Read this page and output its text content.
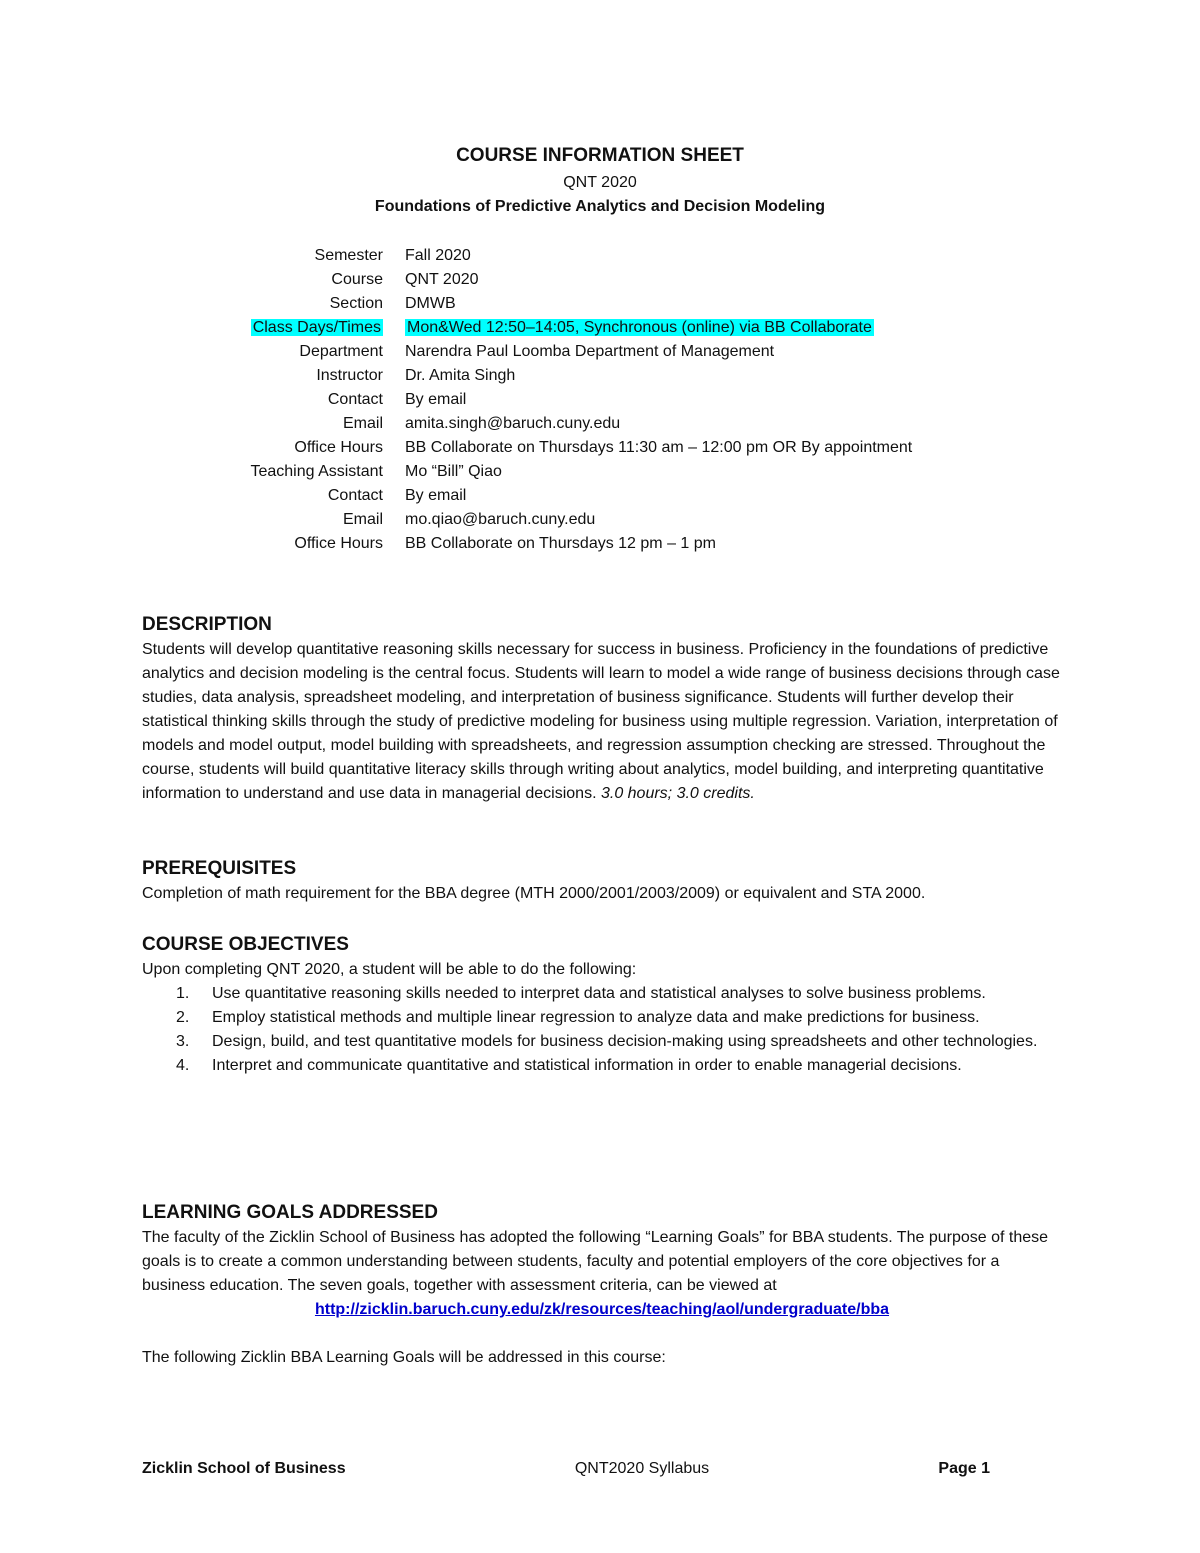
COURSE INFORMATION SHEET
QNT 2020
Foundations of Predictive Analytics and Decision Modeling
Semester	Fall 2020
Course	QNT 2020
Section	DMWB
Class Days/Times	Mon&Wed 12:50–14:05, Synchronous (online) via BB Collaborate
Department	Narendra Paul Loomba Department of Management
Instructor	Dr. Amita Singh
Contact	By email
Email	amita.singh@baruch.cuny.edu
Office Hours	BB Collaborate on Thursdays 11:30 am – 12:00 pm OR By appointment
Teaching Assistant	Mo “Bill” Qiao
Contact	By email
Email	mo.qiao@baruch.cuny.edu
Office Hours	BB Collaborate on Thursdays 12 pm – 1 pm
DESCRIPTION

Students will develop quantitative reasoning skills necessary for success in business. Proficiency in the foundations of predictive analytics and decision modeling is the central focus. Students will learn to model a wide range of business decisions through case studies, data analysis, spreadsheet modeling, and interpretation of business significance. Students will further develop their statistical thinking skills through the study of predictive modeling for business using multiple regression. Variation, interpretation of models and model output, model building with spreadsheets, and regression assumption checking are stressed. Throughout the course, students will build quantitative literacy skills through writing about analytics, model building, and interpreting quantitative information to understand and use data in managerial decisions. 3.0 hours; 3.0 credits.

PREREQUISITES

Completion of math requirement for the BBA degree (MTH 2000/2001/2003/2009) or equivalent and STA 2000.

COURSE OBJECTIVES

Upon completing QNT 2020, a student will be able to do the following:

1. Use quantitative reasoning skills needed to interpret data and statistical analyses to solve business problems.
2. Employ statistical methods and multiple linear regression to analyze data and make predictions for business.
3. Design, build, and test quantitative models for business decision-making using spreadsheets and other technologies.
4. Interpret and communicate quantitative and statistical information in order to enable managerial decisions.
LEARNING GOALS ADDRESSED

The faculty of the Zicklin School of Business has adopted the following “Learning Goals” for BBA students. The purpose of these goals is to create a common understanding between students, faculty and potential employers of the core objectives for a business education. The seven goals, together with assessment criteria, can be viewed at

http://zicklin.baruch.cuny.edu/zk/resources/teaching/aol/undergraduate/bba

The following Zicklin BBA Learning Goals will be addressed in this course:

Zicklin School of Business	QNT2020 Syllabus	Page 1
